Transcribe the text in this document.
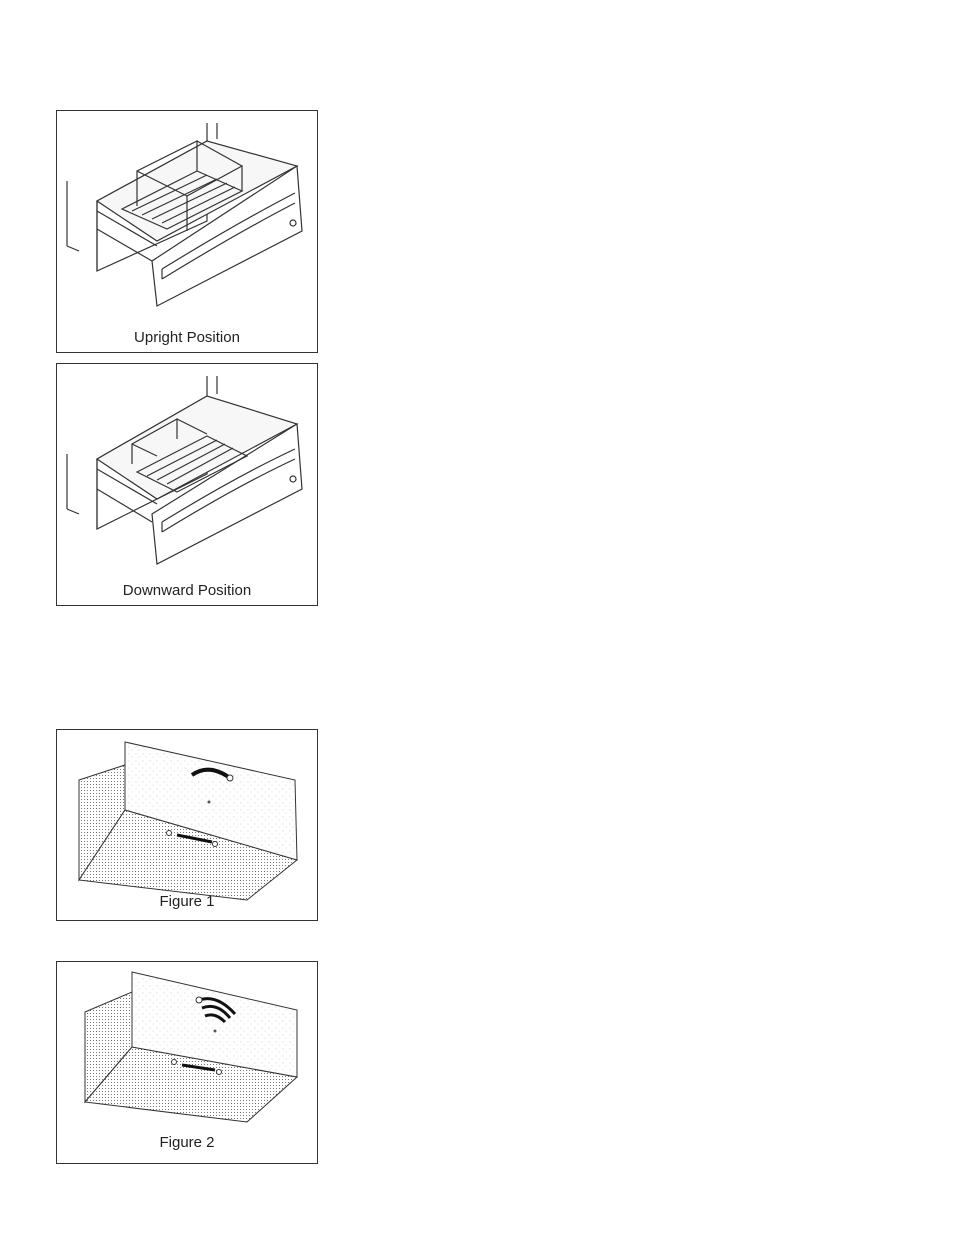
Upright Position
Downward Position
Figure 1
Figure 2
